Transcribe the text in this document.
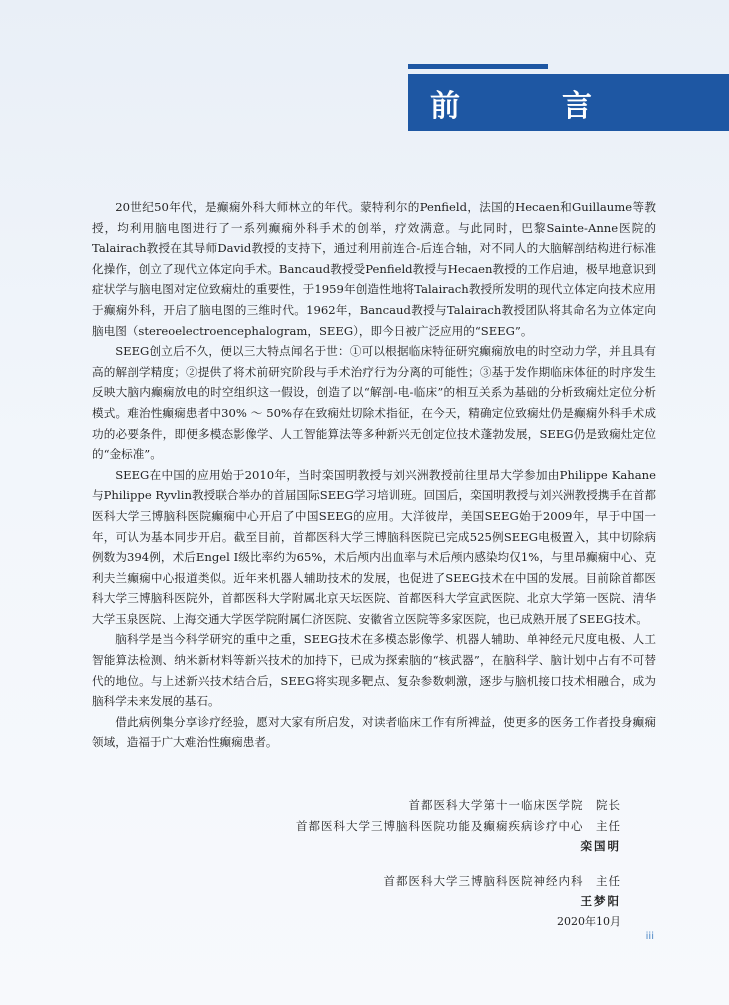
前　言

20世纪50年代，是癫痫外科大师林立的年代。蒙特利尔的Penfield，法国的Hecaen和Guillaume等教授，均利用脑电图进行了一系列癫痫外科手术的创举，疗效满意。与此同时，巴黎Sainte-Anne医院的Talairach教授在其导师David教授的支持下，通过利用前连合-后连合轴，对不同人的大脑解剖结构进行标准化操作，创立了现代立体定向手术。Bancaud教授受Penfield教授与Hecaen教授的工作启迪，极早地意识到症状学与脑电图对定位致痫灶的重要性，于1959年创造性地将Talairach教授所发明的现代立体定向技术应用于癫痫外科，开启了脑电图的三维时代。1962年，Bancaud教授与Talairach教授团队将其命名为立体定向脑电图（stereoelectroencephalogram，SEEG），即今日被广泛应用的“SEEG”。

SEEG创立后不久，便以三大特点闻名于世：①可以根据临床特征研究癫痫放电的时空动力学，并且具有高的解剖学精度；②提供了将术前研究阶段与手术治疗行为分离的可能性；③基于发作期临床体征的时序发生反映大脑内癫痫放电的时空组织这一假设，创造了以“解剖-电-临床”的相互关系为基础的分析致痫灶定位分析模式。难治性癫痫患者中30% ～ 50%存在致痫灶切除术指征，在今天，精确定位致痫灶仍是癫痫外科手术成功的必要条件，即便多模态影像学、人工智能算法等多种新兴无创定位技术蓬勃发展，SEEG仍是致痫灶定位的“金标准”。

SEEG在中国的应用始于2010年，当时栾国明教授与刘兴洲教授前往里昂大学参加由Philippe Kahane与Philippe Ryvlin教授联合举办的首届国际SEEG学习培训班。回国后，栾国明教授与刘兴洲教授携手在首都医科大学三博脑科医院癫痫中心开启了中国SEEG的应用。大洋彼岸，美国SEEG始于2009年，早于中国一年，可认为基本同步开启。截至目前，首都医科大学三博脑科医院已完成525例SEEG电极置入，其中切除病例数为394例，术后Engel Ⅰ级比率约为65%，术后颅内出血率与术后颅内感染均仅1%，与里昂癫痫中心、克利夫兰癫痫中心报道类似。近年来机器人辅助技术的发展，也促进了SEEG技术在中国的发展。目前除首都医科大学三博脑科医院外，首都医科大学附属北京天坛医院、首都医科大学宣武医院、北京大学第一医院、清华大学玉泉医院、上海交通大学医学院附属仁济医院、安徽省立医院等多家医院，也已成熟开展了SEEG技术。

脑科学是当今科学研究的重中之重，SEEG技术在多模态影像学、机器人辅助、单神经元尺度电极、人工智能算法检测、纳米新材料等新兴技术的加持下，已成为探索脑的“核武器”，在脑科学、脑计划中占有不可替代的地位。与上述新兴技术结合后，SEEG将实现多靶点、复杂参数刺激，逐步与脑机接口技术相融合，成为脑科学未来发展的基石。

借此病例集分享诊疗经验，愿对大家有所启发，对读者临床工作有所裨益，使更多的医务工作者投身癫痫领域，造福于广大难治性癫痫患者。

首都医科大学第十一临床医学院　院长
首都医科大学三博脑科医院功能及癫痫疾病诊疗中心　主任
栾国明
首都医科大学三博脑科医院神经内科　主任
王梦阳
2020年10月
iii
